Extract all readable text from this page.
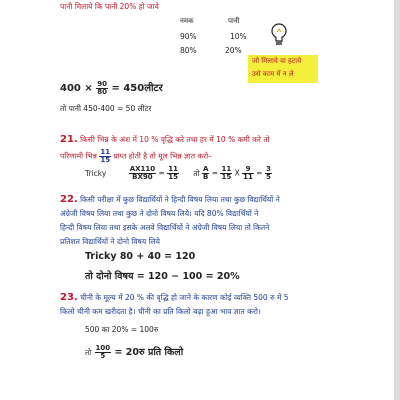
पानी मिलाये कि पानी 20% हो जाये
नमक	पानी
90%	10%
80%	20%
जो मिलाये वा हटाये
उसे काम में न ले
$400 \times \frac{90}{80}$ = 450लीटर
तो पानी 450-400 = 50 लीटर
21. किसी भिन्न के अंश में 10 % वृद्धि करे तथा हर में 10 % कमी करे तो
परिणामी भिन्न $\frac{11}{15}$ प्राप्त होती है तो मूल भिन्न ज्ञात करो–
Tricky	$\frac{AX110}{BX90} = \frac{11}{15}$ तो $\frac{A}{B} = \frac{11}{15}$ X $\frac{9}{11} = \frac{3}{5}$
22. किसी परीक्षा में कुछ विद्यार्थियों ने हिन्दी विषय लिया तथा कुछ विद्यार्थियों ने
अंग्रेजी विषय लिया तथा कुछ ने दोनो विषय लिये। यदि 80% विद्यार्थियों ने
हिन्दी विषय लिया तथा इसके अलवे विद्यार्थियों ने अंग्रेजी विषय लिया तो कितने
प्रतिशत विद्यार्थियों ने दोनो विषय लिये
Tricky 80 + 40 = 120
तो दोनो विषय = 120 − 100 = 20%
23. चीनी के मूल्य में 20 % की वृद्धि हो जाने के कारण कोई व्यक्ति 500 रु में 5
किलो चीनी कम खरीदता है। चीनी का प्रति किलो बढ़ा हुआ भाव ज्ञात करो।
500 का 20% = 100रु
तो $\frac{100}{5}$ = 20रु प्रति किलो
